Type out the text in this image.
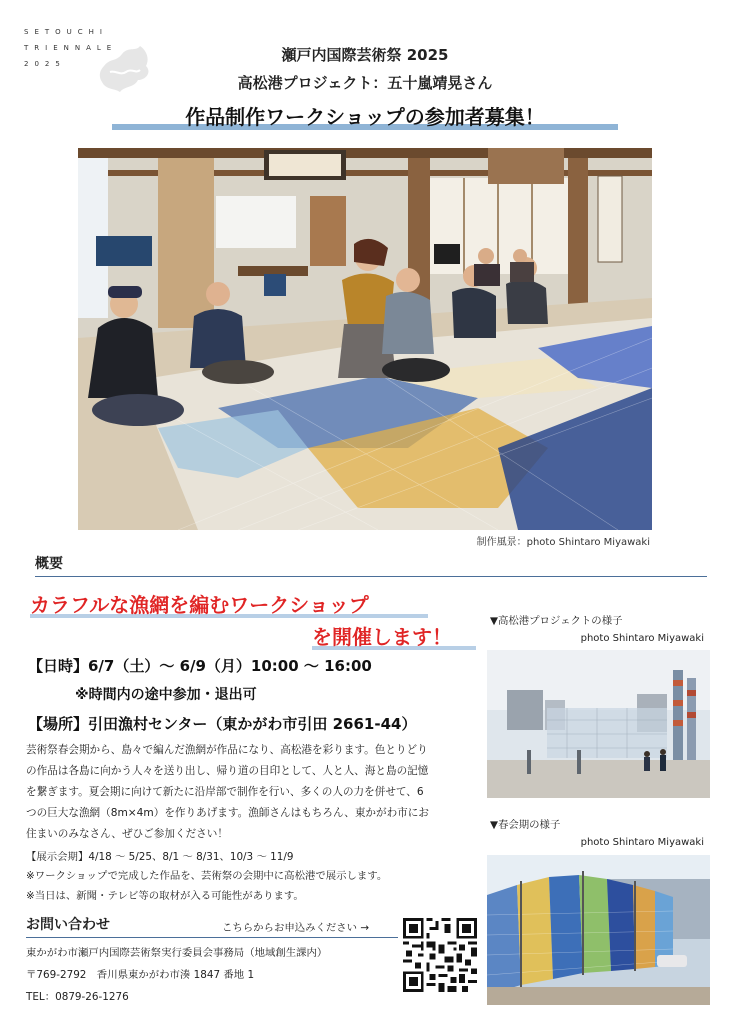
SETOUCHI
TRIENNALE
2025	瀬戸内国際芸術祭 2025
高松港プロジェクト：五十嵐靖晃さん
作品制作ワークショップの参加者募集！
制作風景：photo Shintaro Miyawaki
概要
カラフルな漁網を編むワークショップ
を開催します！
【日時】6/7（土）～ 6/9（月）10:00 ～ 16:00
※時間内の途中参加・退出可
【場所】引田漁村センター（東かがわ市引田 2661-44）
芸術祭春会期から、島々で編んだ漁網が作品になり、高松港を彩ります。色とりどり
の作品は各島に向かう人々を送り出し、帰り道の目印として、人と人、海と島の記憶
を繋ぎます。夏会期に向けて新たに沿岸部で制作を行い、多くの人の力を併せて、6
つの巨大な漁網（8m×4m）を作りあげます。漁師さんはもちろん、東かがわ市にお
住まいのみなさん、ぜひご参加ください！
【展示会期】4/18 ～ 5/25、8/1 ～ 8/31、10/3 ～ 11/9
※ワークショップで完成した作品を、芸術祭の会期中に高松港で展示します。
※当日は、新聞・テレビ等の取材が入る可能性があります。
お問い合わせ	こちらからお申込みください →
東かがわ市瀬戸内国際芸術祭実行委員会事務局（地域創生課内）
〒769-2792　香川県東かがわ市湊 1847 番地 1
TEL：0879-26-1276
▼高松港プロジェクトの様子
photo Shintaro Miyawaki
▼春会期の様子
photo Shintaro Miyawaki
